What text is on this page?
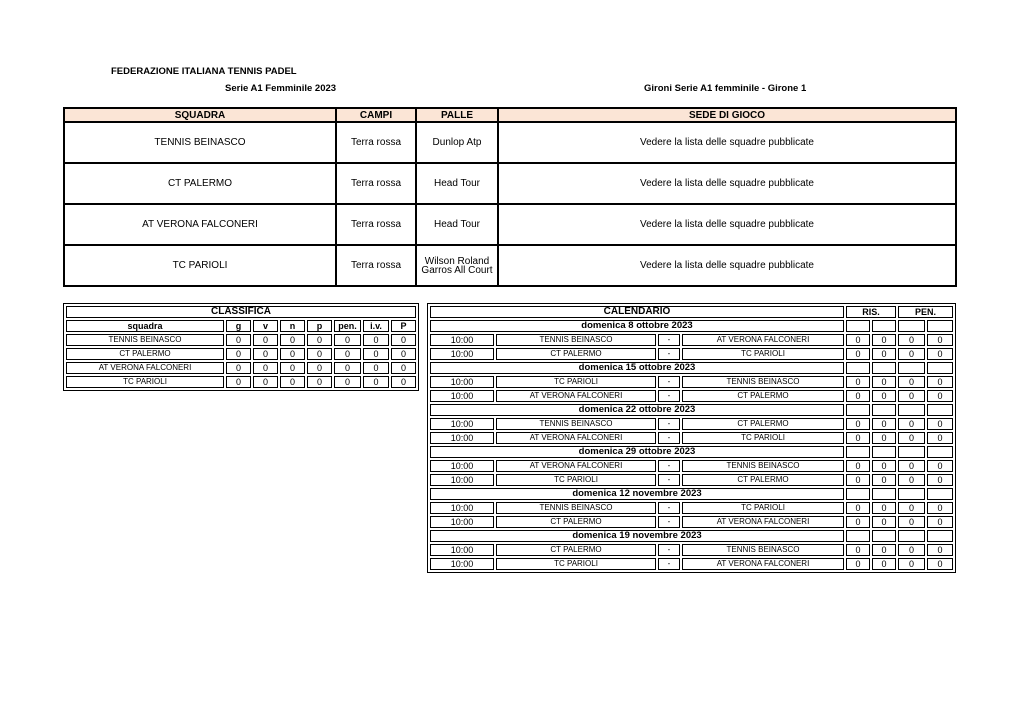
FEDERAZIONE ITALIANA TENNIS PADEL
Serie A1 Femminile 2023	Gironi Serie A1 femminile - Girone 1
SQUADRA	CAMPI	PALLE	SEDE DI GIOCO
TENNIS BEINASCO	Terra rossa	Dunlop Atp	Vedere la lista delle squadre pubblicate
CT PALERMO	Terra rossa	Head Tour	Vedere la lista delle squadre pubblicate
AT VERONA FALCONERI	Terra rossa	Head Tour	Vedere la lista delle squadre pubblicate
TC PARIOLI	Terra rossa	Wilson Roland Garros All Court	Vedere la lista delle squadre pubblicate
CLASSIFICA							
squadra	g	v	n	p	pen.	i.v.	P
TENNIS BEINASCO	0	0	0	0	0	0	0
CT PALERMO	0	0	0	0	0	0	0
AT VERONA FALCONERI	0	0	0	0	0	0	0
TC PARIOLI	0	0	0	0	0	0	0
CALENDARIO				RIS.		PEN.	
domenica 8 ottobre 2023							
10:00	TENNIS BEINASCO	-	AT VERONA FALCONERI	0	0	0	0
10:00	CT PALERMO	-	TC PARIOLI	0	0	0	0
domenica 15 ottobre 2023							
10:00	TC PARIOLI	-	TENNIS BEINASCO	0	0	0	0
10:00	AT VERONA FALCONERI	-	CT PALERMO	0	0	0	0
domenica 22 ottobre 2023							
10:00	TENNIS BEINASCO	-	CT PALERMO	0	0	0	0
10:00	AT VERONA FALCONERI	-	TC PARIOLI	0	0	0	0
domenica 29 ottobre 2023							
10:00	AT VERONA FALCONERI	-	TENNIS BEINASCO	0	0	0	0
10:00	TC PARIOLI	-	CT PALERMO	0	0	0	0
domenica 12 novembre 2023							
10:00	TENNIS BEINASCO	-	TC PARIOLI	0	0	0	0
10:00	CT PALERMO	-	AT VERONA FALCONERI	0	0	0	0
domenica 19 novembre 2023							
10:00	CT PALERMO	-	TENNIS BEINASCO	0	0	0	0
10:00	TC PARIOLI	-	AT VERONA FALCONERI	0	0	0	0
